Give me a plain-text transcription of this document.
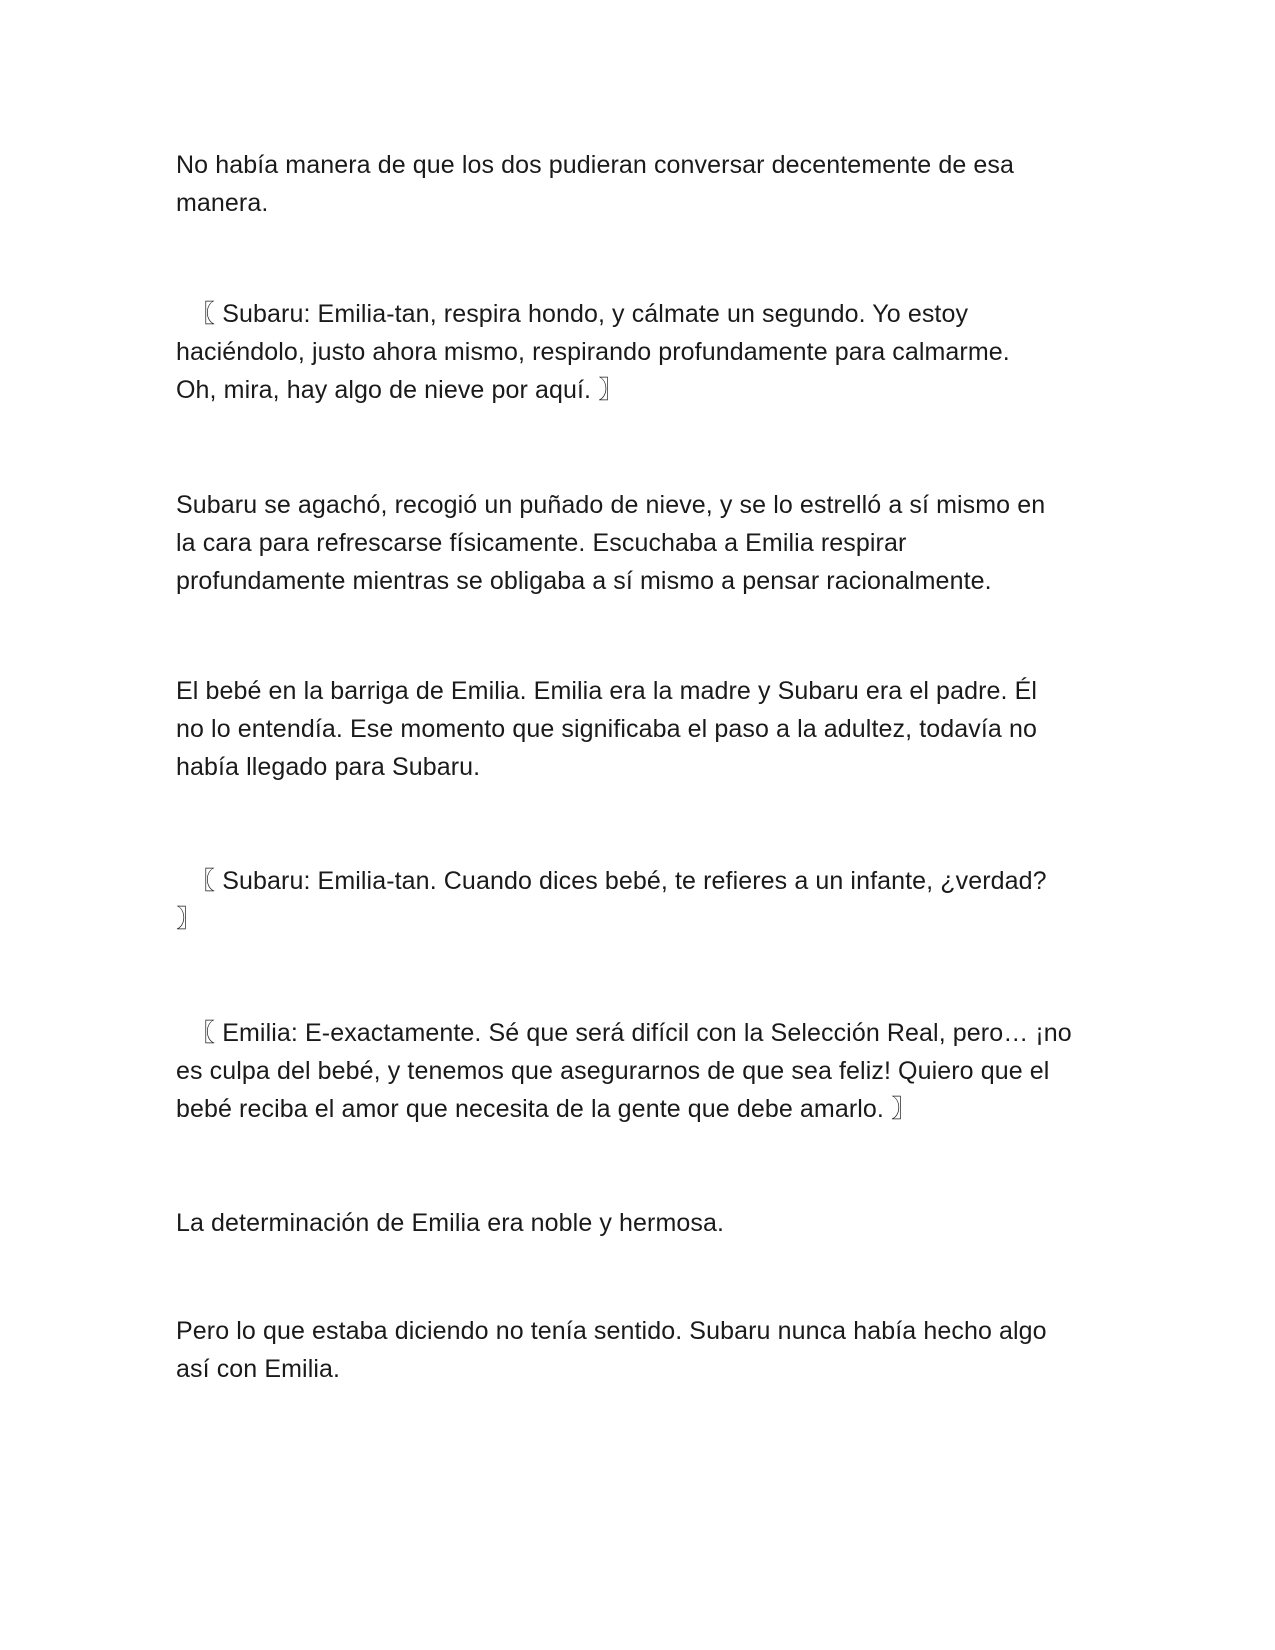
No había manera de que los dos pudieran conversar decentemente de esa
manera.

〖 Subaru: Emilia-tan, respira hondo, y cálmate un segundo. Yo estoy
haciéndolo, justo ahora mismo, respirando profundamente para calmarme.
Oh, mira, hay algo de nieve por aquí. 〗

Subaru se agachó, recogió un puñado de nieve, y se lo estrelló a sí mismo en
la cara para refrescarse físicamente. Escuchaba a Emilia respirar
profundamente mientras se obligaba a sí mismo a pensar racionalmente.

El bebé en la barriga de Emilia. Emilia era la madre y Subaru era el padre. Él
no lo entendía. Ese momento que significaba el paso a la adultez, todavía no
había llegado para Subaru.

〖 Subaru: Emilia-tan. Cuando dices bebé, te refieres a un infante, ¿verdad?
〗

〖 Emilia: E-exactamente. Sé que será difícil con la Selección Real, pero… ¡no
es culpa del bebé, y tenemos que asegurarnos de que sea feliz! Quiero que el
bebé reciba el amor que necesita de la gente que debe amarlo. 〗

La determinación de Emilia era noble y hermosa.

Pero lo que estaba diciendo no tenía sentido. Subaru nunca había hecho algo
así con Emilia.
